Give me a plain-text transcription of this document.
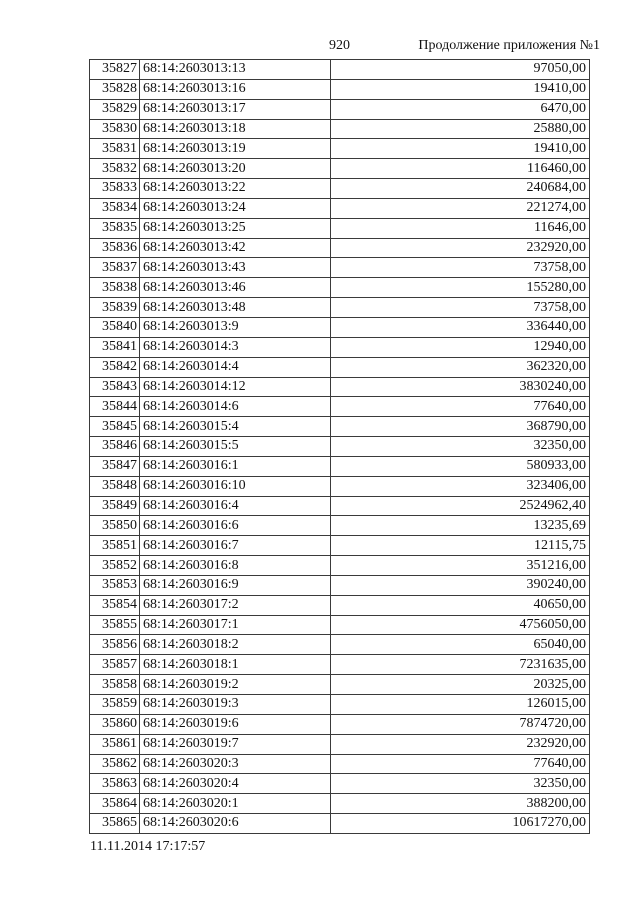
920	Продолжение приложения №1
35827	68:14:2603013:13	97050,00
35828	68:14:2603013:16	19410,00
35829	68:14:2603013:17	6470,00
35830	68:14:2603013:18	25880,00
35831	68:14:2603013:19	19410,00
35832	68:14:2603013:20	116460,00
35833	68:14:2603013:22	240684,00
35834	68:14:2603013:24	221274,00
35835	68:14:2603013:25	11646,00
35836	68:14:2603013:42	232920,00
35837	68:14:2603013:43	73758,00
35838	68:14:2603013:46	155280,00
35839	68:14:2603013:48	73758,00
35840	68:14:2603013:9	336440,00
35841	68:14:2603014:3	12940,00
35842	68:14:2603014:4	362320,00
35843	68:14:2603014:12	3830240,00
35844	68:14:2603014:6	77640,00
35845	68:14:2603015:4	368790,00
35846	68:14:2603015:5	32350,00
35847	68:14:2603016:1	580933,00
35848	68:14:2603016:10	323406,00
35849	68:14:2603016:4	2524962,40
35850	68:14:2603016:6	13235,69
35851	68:14:2603016:7	12115,75
35852	68:14:2603016:8	351216,00
35853	68:14:2603016:9	390240,00
35854	68:14:2603017:2	40650,00
35855	68:14:2603017:1	4756050,00
35856	68:14:2603018:2	65040,00
35857	68:14:2603018:1	7231635,00
35858	68:14:2603019:2	20325,00
35859	68:14:2603019:3	126015,00
35860	68:14:2603019:6	7874720,00
35861	68:14:2603019:7	232920,00
35862	68:14:2603020:3	77640,00
35863	68:14:2603020:4	32350,00
35864	68:14:2603020:1	388200,00
35865	68:14:2603020:6	10617270,00
11.11.2014 17:17:57
